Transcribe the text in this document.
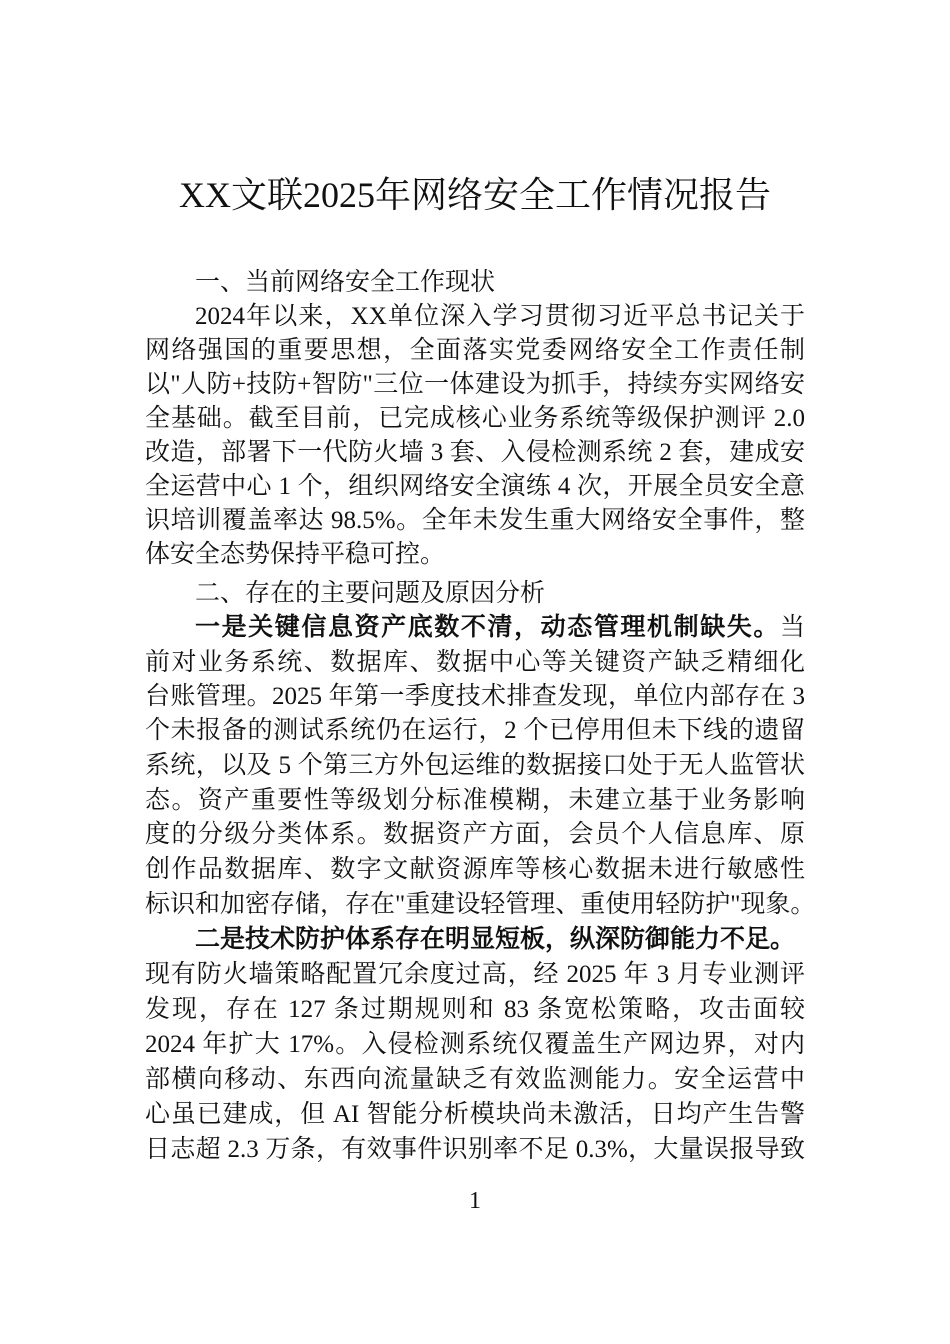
XX文联2025年网络安全工作情况报告
一、当前网络安全工作现状
2024年以来，XX单位深入学习贯彻习近平总书记关于
网络强国的重要思想，全面落实党委网络安全工作责任制
以"人防+技防+智防"三位一体建设为抓手，持续夯实网络安
全基础。截至目前，已完成核心业务系统等级保护测评 2.0
改造，部署下一代防火墙 3 套、入侵检测系统 2 套，建成安
全运营中心 1 个，组织网络安全演练 4 次，开展全员安全意
识培训覆盖率达 98.5%。全年未发生重大网络安全事件，整
体安全态势保持平稳可控。
二、存在的主要问题及原因分析
一是关键信息资产底数不清，动态管理机制缺失。当
前对业务系统、数据库、数据中心等关键资产缺乏精细化
台账管理。2025 年第一季度技术排查发现，单位内部存在 3
个未报备的测试系统仍在运行，2 个已停用但未下线的遗留
系统，以及 5 个第三方外包运维的数据接口处于无人监管状
态。资产重要性等级划分标准模糊，未建立基于业务影响
度的分级分类体系。数据资产方面，会员个人信息库、原
创作品数据库、数字文献资源库等核心数据未进行敏感性
标识和加密存储，存在"重建设轻管理、重使用轻防护"现象。
二是技术防护体系存在明显短板，纵深防御能力不足。
现有防火墙策略配置冗余度过高，经 2025 年 3 月专业测评
发现，存在 127 条过期规则和 83 条宽松策略，攻击面较
2024 年扩大 17%。入侵检测系统仅覆盖生产网边界，对内
部横向移动、东西向流量缺乏有效监测能力。安全运营中
心虽已建成，但 AI 智能分析模块尚未激活，日均产生告警
日志超 2.3 万条，有效事件识别率不足 0.3%，大量误报导致
1
